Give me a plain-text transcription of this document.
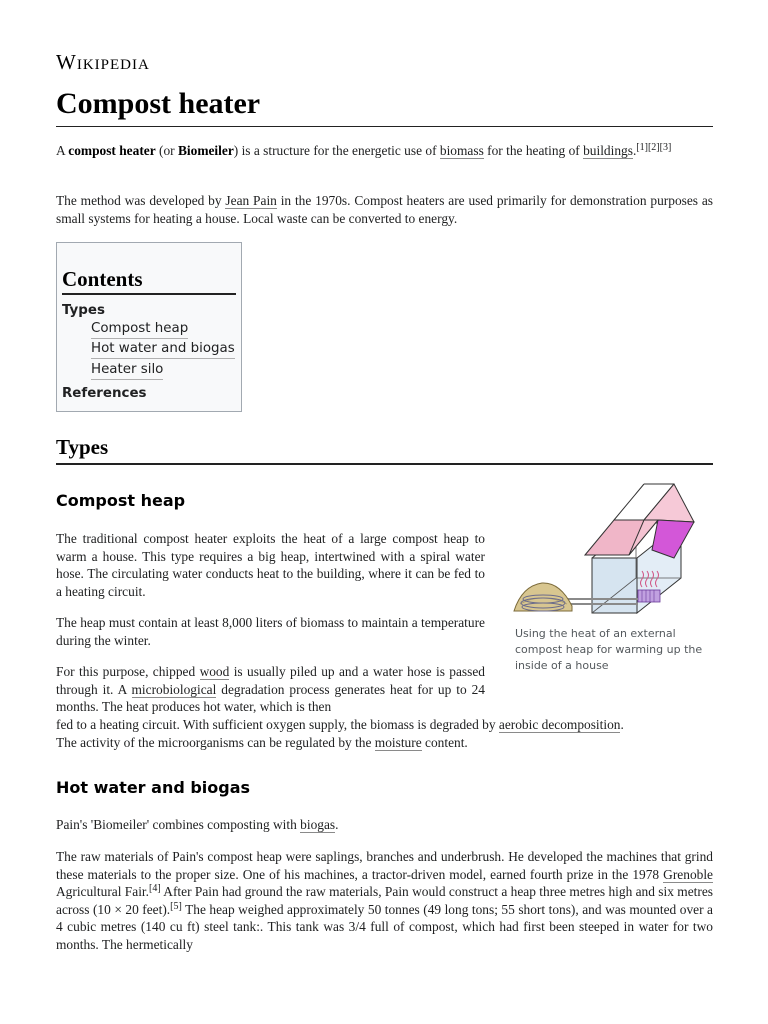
Wikipedia
Compost heater

A compost heater (or Biomeiler) is a structure for the energetic use of biomass for the heating of buildings.[1][2][3]

The method was developed by Jean Pain in the 1970s. Compost heaters are used primarily for demonstration purposes as small systems for heating a house. Local waste can be converted to energy.

Contents
Types
Compost heap
Hot water and biogas
Heater silo
References
Types
Compost heap

The traditional compost heater exploits the heat of a large compost heap to warm a house. This type requires a big heap, intertwined with a spiral water hose. The circulating water conducts heat to the building, where it can be fed to a heating circuit.

The heap must contain at least 8,000 liters of biomass to maintain a temperature during the winter.

For this purpose, chipped wood is usually piled up and a water hose is passed through it. A microbiological degradation process generates heat for up to 24 months. The heat produces hot water, which is then

fed to a heating circuit. With sufficient oxygen supply, the biomass is degraded by aerobic decomposition.
The activity of the microorganisms can be regulated by the moisture content.

Using the heat of an external compost heap for warming up the inside of a house

Hot water and biogas

Pain's 'Biomeiler' combines composting with biogas.

The raw materials of Pain's compost heap were saplings, branches and underbrush. He developed the machines that grind these materials to the proper size. One of his machines, a tractor-driven model, earned fourth prize in the 1978 Grenoble Agricultural Fair.[4] After Pain had ground the raw materials, Pain would construct a heap three metres high and six metres across (10 × 20 feet).[5] The heap weighed approximately 50 tonnes (49 long tons; 55 short tons), and was mounted over a 4 cubic metres (140 cu ft) steel tank:. This tank was 3/4 full of compost, which had first been steeped in water for two months. The hermetically
